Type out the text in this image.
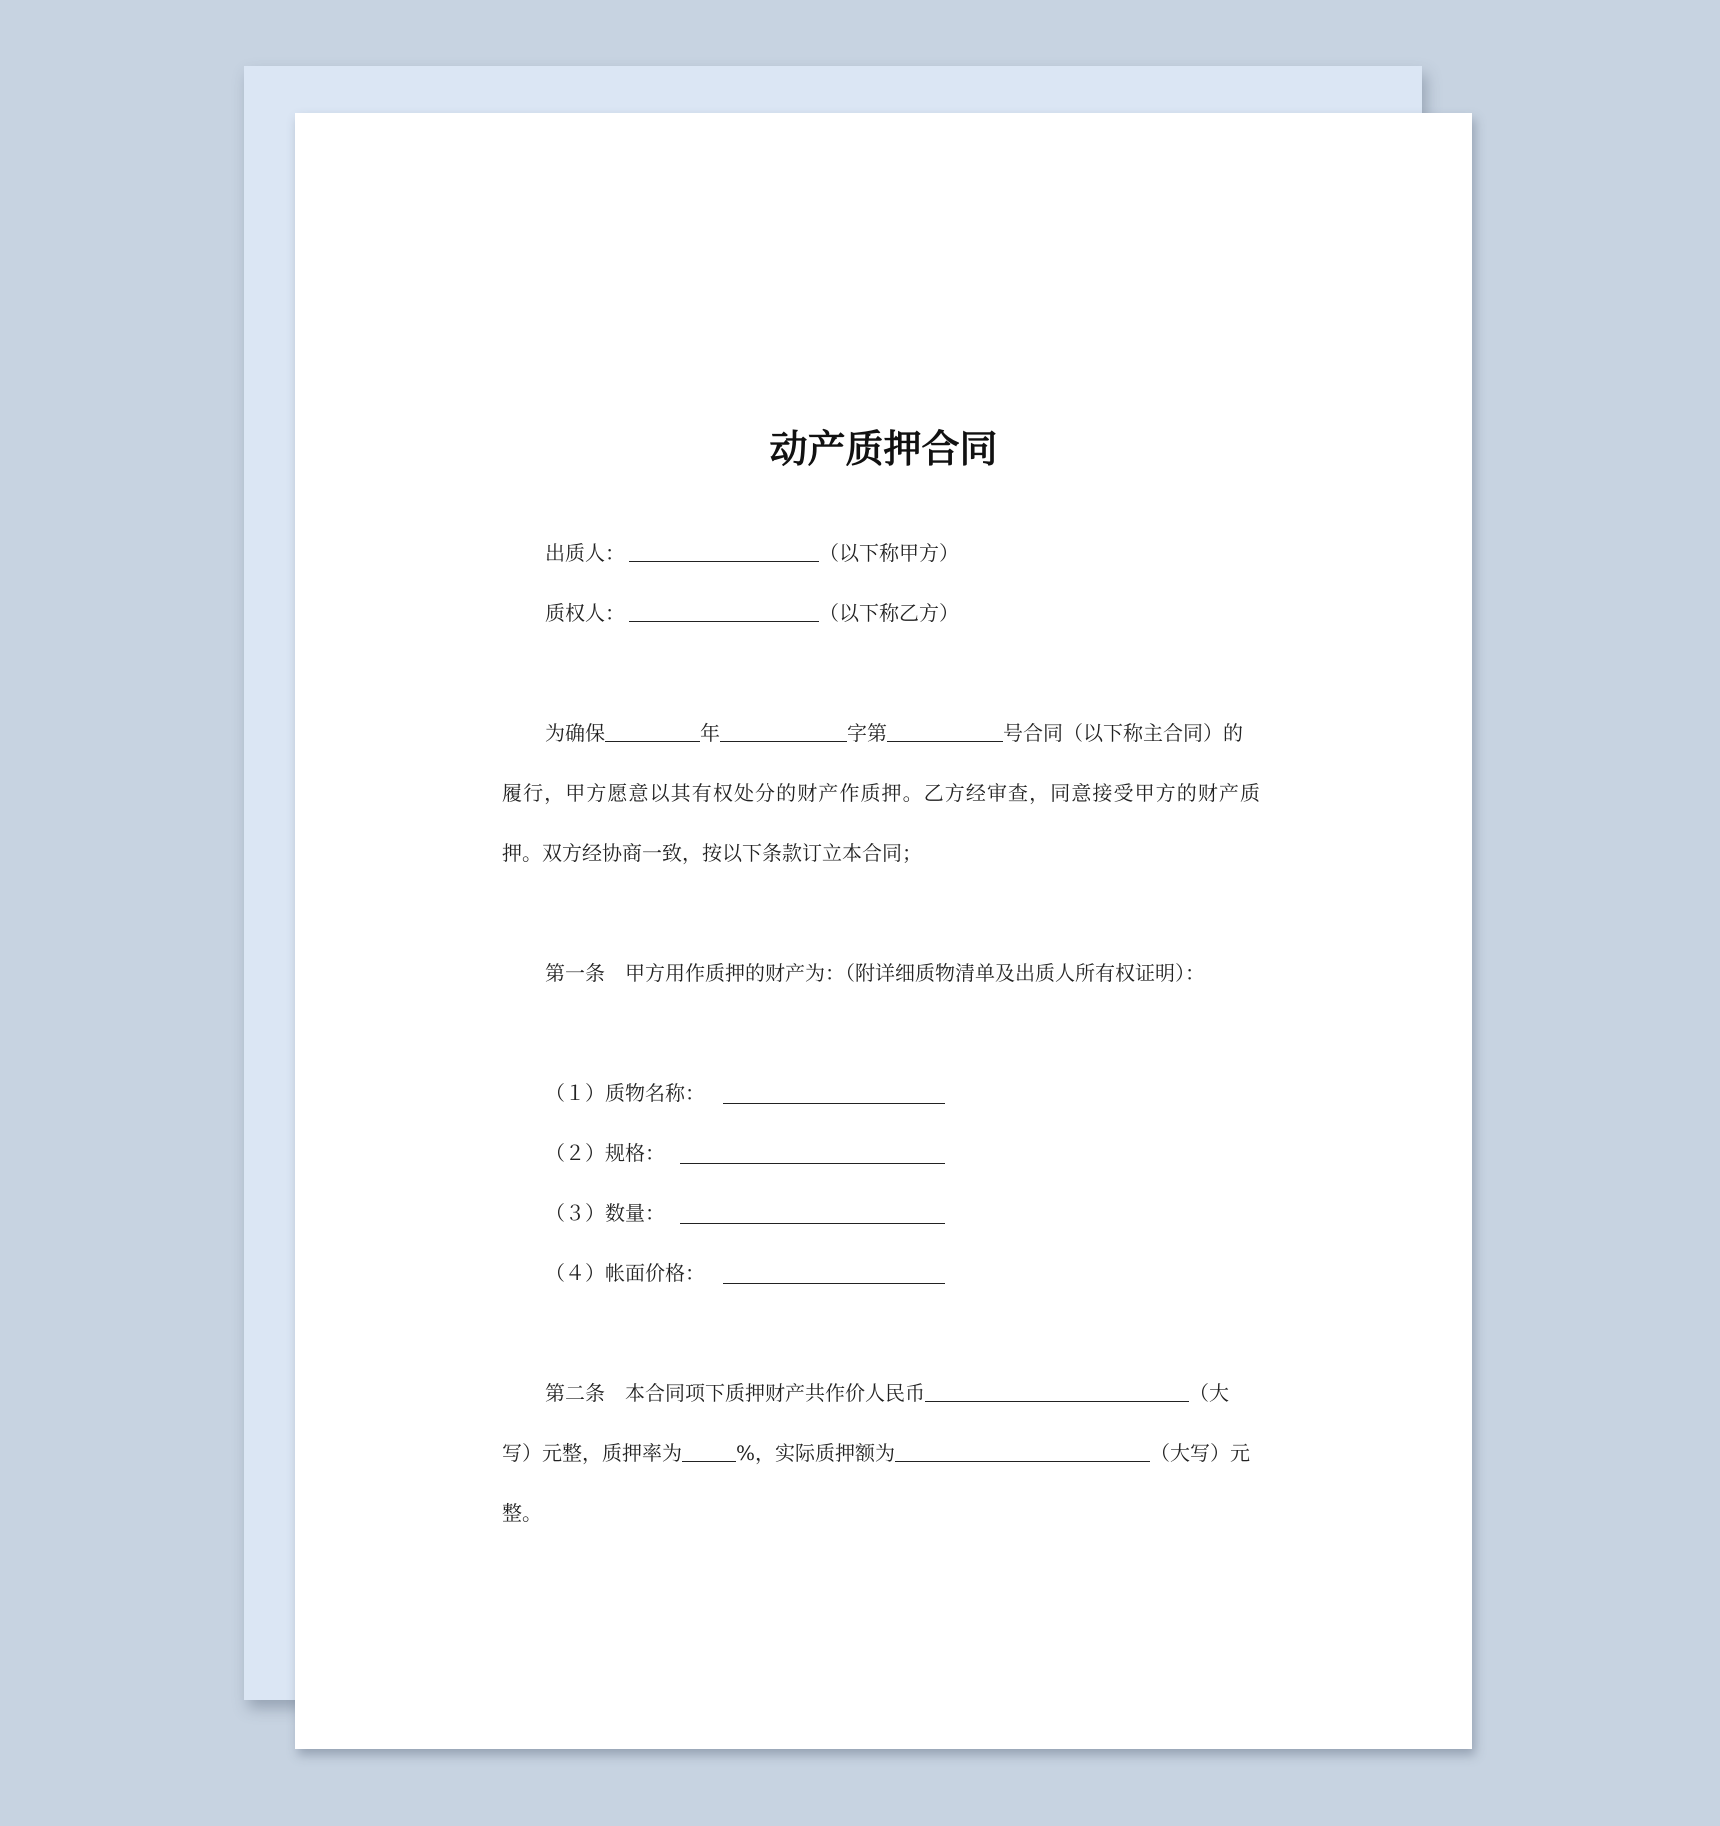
动产质押合同
出质人：	（以下称甲方）
质权人：	（以下称乙方）
为确保	年	字第	号合同（以下称主合同）的
履行，甲方愿意以其有权处分的财产作质押。乙方经审查，同意接受甲方的财产质
押。双方经协商一致，按以下条款订立本合同；
第一条　甲方用作质押的财产为：（附详细质物清单及出质人所有权证明）：
（１）质物名称：
（２）规格：
（３）数量：
（４）帐面价格：
第二条　本合同项下质押财产共作价人民币	（大
写）元整，质押率为	%，实际质押额为	（大写）元
整。
